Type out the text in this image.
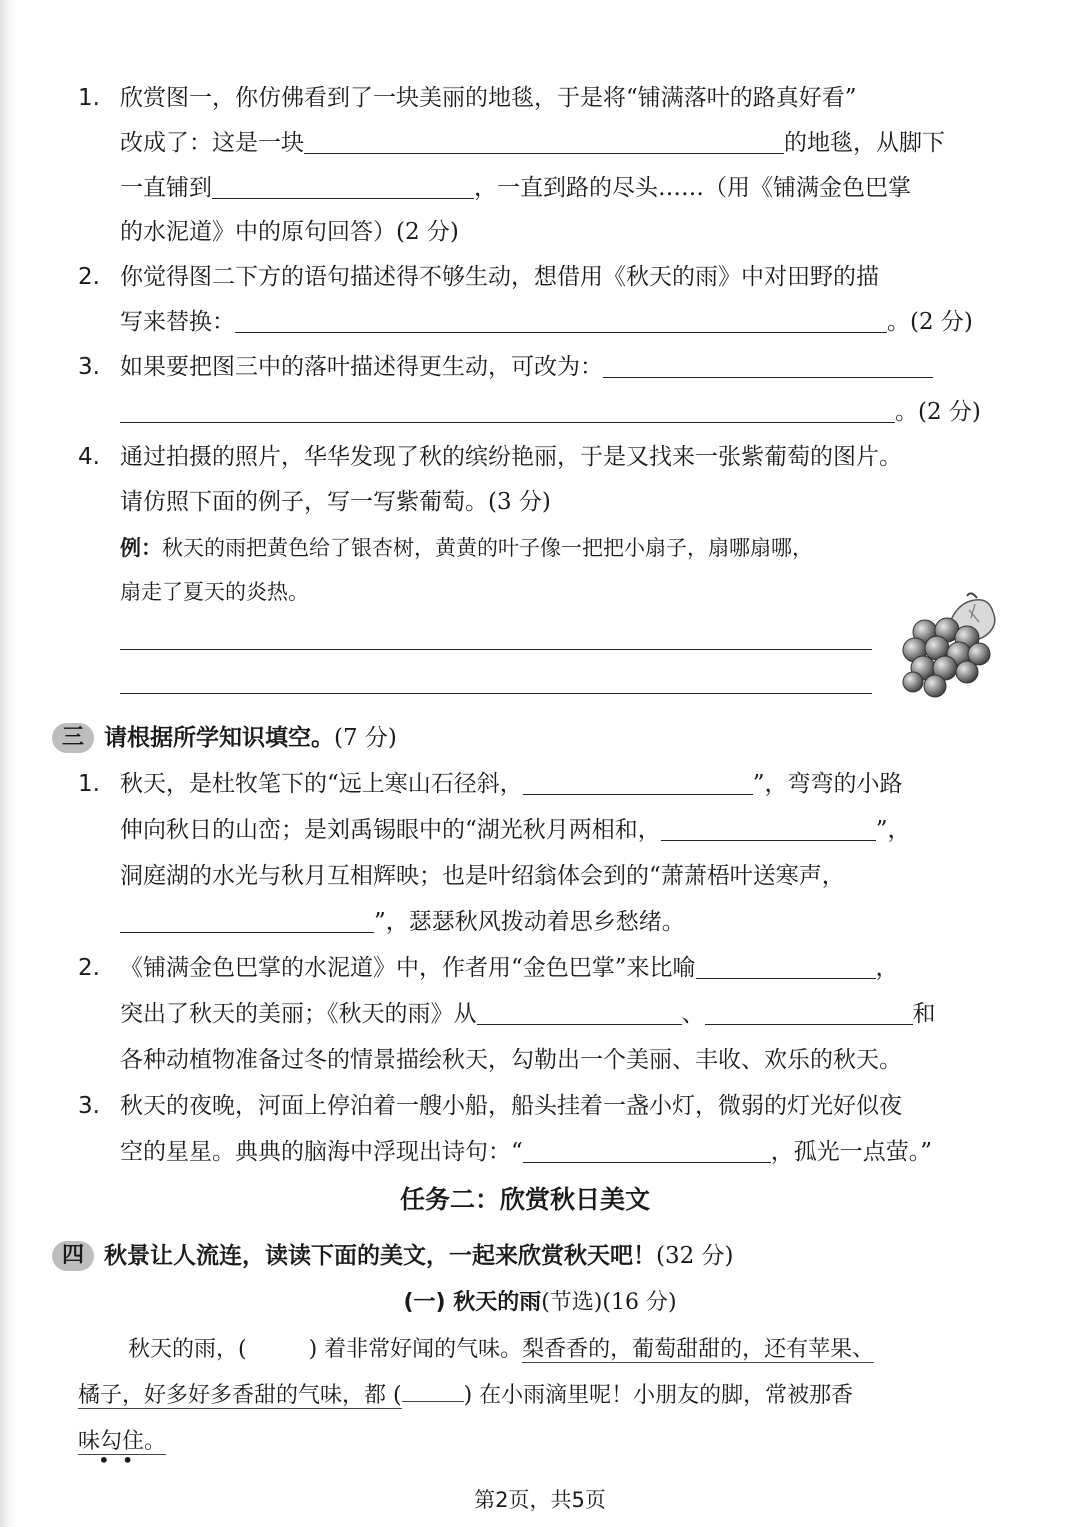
1. 欣赏图一，你仿佛看到了一块美丽的地毯，于是将“铺满落叶的路真好看”
改成了：这是一块	的地毯，从脚下
一直铺到	，一直到路的尽头……（用《铺满金色巴掌
的水泥道》中的原句回答）(2 分)
2. 你觉得图二下方的语句描述得不够生动，想借用《秋天的雨》中对田野的描
写来替换：	。(2 分)
3. 如果要把图三中的落叶描述得更生动，可改为：
。(2 分)
4. 通过拍摄的照片，华华发现了秋的缤纷艳丽，于是又找来一张紫葡萄的图片。
请仿照下面的例子，写一写紫葡萄。(3 分)
例：秋天的雨把黄色给了银杏树，黄黄的叶子像一把把小扇子，扇哪扇哪，
扇走了夏天的炎热。
三 请根据所学知识填空。(7 分)
1. 秋天，是杜牧笔下的“远上寒山石径斜，	”，弯弯的小路
伸向秋日的山峦；是刘禹锡眼中的“湖光秋月两相和，	”，
洞庭湖的水光与秋月互相辉映；也是叶绍翁体会到的“萧萧梧叶送寒声，
”，瑟瑟秋风拨动着思乡愁绪。
2. 《铺满金色巴掌的水泥道》中，作者用“金色巴掌”来比喻	，
突出了秋天的美丽；《秋天的雨》从	、	和
各种动植物准备过冬的情景描绘秋天，勾勒出一个美丽、丰收、欢乐的秋天。
3. 秋天的夜晚，河面上停泊着一艘小船，船头挂着一盏小灯，微弱的灯光好似夜
空的星星。典典的脑海中浮现出诗句：“	，孤光一点萤。”
任务二：欣赏秋日美文
四 秋景让人流连，读读下面的美文，一起来欣赏秋天吧！(32 分)
(一) 秋天的雨(节选)(16 分)
秋天的雨，(	) 着非常好闻的气味。梨香香的，葡萄甜甜的，还有苹果、
橘子，好多好多香甜的气味，都 (	) 在小雨滴里呢！小朋友的脚，常被那香
味勾住。
••
第2页，共5页
